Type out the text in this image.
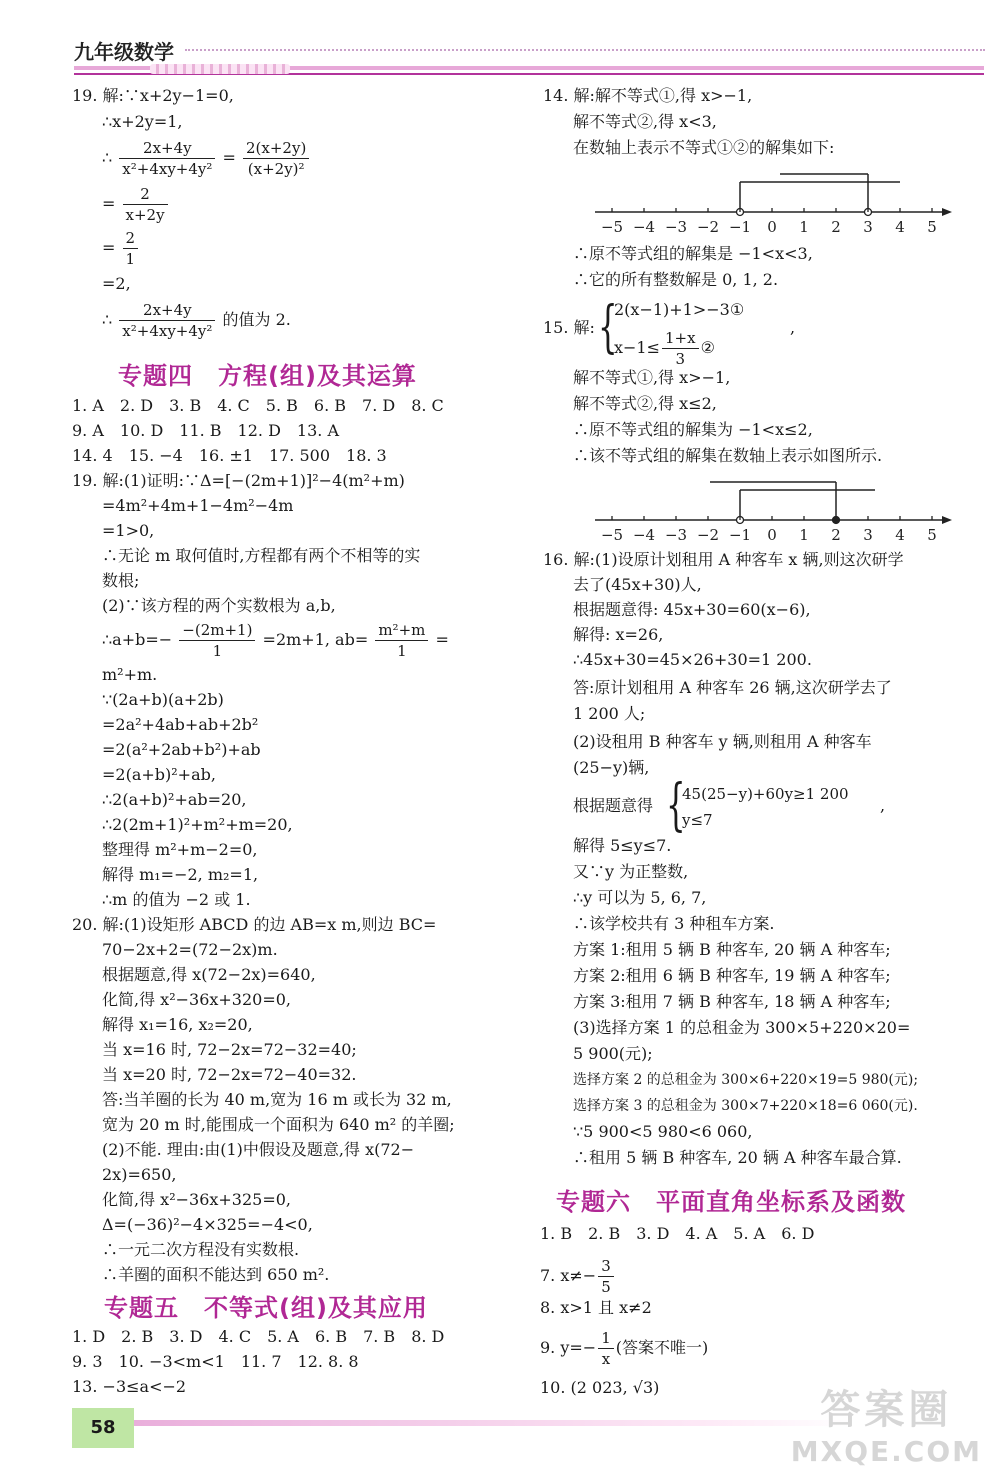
九年级数学
19. 解:∵x+2y−1=0,
∴x+2y=1,
∴ $\frac{2x+4y}{\text{x²+4xy+4y²}} = \frac{2(x+2y)}{\text{(x+2y)²}}$
= $\frac{2}{x+2y}$
= $\frac{2}{1}$
=2,
∴ $\frac{2x+4y}{\text{x²+4xy+4y²}}$ 的值为 2.
专题四　方程(组)及其运算
1. A　2. D　3. B　4. C　5. B　6. B　7. D　8. C
9. A　10. D　11. B　12. D　13. A
14. 4　15. −4　16. ±1　17. 500　18. 3
19. 解:(1)证明:∵Δ=[−(2m+1)]²−4(m²+m)
=4m²+4m+1−4m²−4m
=1>0,
∴无论 m 取何值时,方程都有两个不相等的实
数根;
(2)∵该方程的两个实数根为 a,b,
∴a+b=− $\frac{-(2m+1)}{1} =2m+1$, $ab= \frac{\text{m²+m}}{1}$ =
m²+m.
∵(2a+b)(a+2b)
=2a²+4ab+ab+2b²
=2(a²+2ab+b²)+ab
=2(a+b)²+ab,
∴2(a+b)²+ab=20,
∴2(2m+1)²+m²+m=20,
整理得 m²+m−2=0,
解得 m₁=−2, m₂=1,
∴m 的值为 −2 或 1.
20. 解:(1)设矩形 ABCD 的边 AB=x m,则边 BC=
70−2x+2=(72−2x)m.
根据题意,得 x(72−2x)=640,
化简,得 x²−36x+320=0,
解得 x₁=16, x₂=20,
当 x=16 时, 72−2x=72−32=40;
当 x=20 时, 72−2x=72−40=32.
答:当羊圈的长为 40 m,宽为 16 m 或长为 32 m,
宽为 20 m 时,能围成一个面积为 640 m² 的羊圈;
(2)不能. 理由:由(1)中假设及题意,得 x(72−
2x)=650,
化简,得 x²−36x+325=0,
Δ=(−36)²−4×325=−4<0,
∴一元二次方程没有实数根.
∴羊圈的面积不能达到 650 m².
专题五　不等式(组)及其应用
1. D　2. B　3. D　4. C　5. A　6. B　7. B　8. D
9. 3　10. −3<m<1　11. 7　12. 8. 8
13. −3≤a<−2
14. 解:解不等式①,得 x>−1,
解不等式②,得 x<3,
在数轴上表示不等式①②的解集如下:
−5 −4 −3 −2 −1 0 1 2 3 4 5
∴原不等式组的解集是 −1<x<3,
∴它的所有整数解是 0, 1, 2.
15. 解: {
2(x−1)+1>−3①
$x-1\le \frac{1+x}{3}$ ②
,
解不等式①,得 x>−1,
解不等式②,得 x≤2,
∴原不等式组的解集为 −1<x≤2,
∴该不等式组的解集在数轴上表示如图所示.
−5 −4 −3 −2 −1 0 1 2 3 4 5
16. 解:(1)设原计划租用 A 种客车 x 辆,则这次研学
去了(45x+30)人,
根据题意得: 45x+30=60(x−6),
解得: x=26,
∴45x+30=45×26+30=1 200.
答:原计划租用 A 种客车 26 辆,这次研学去了
1 200 人;
(2)设租用 B 种客车 y 辆,则租用 A 种客车
(25−y)辆,
根据题意得 {
45(25−y)+60y≥1 200
y≤7
,
解得 5≤y≤7.
又∵y 为正整数,
∴y 可以为 5, 6, 7,
∴该学校共有 3 种租车方案.
方案 1:租用 5 辆 B 种客车, 20 辆 A 种客车;
方案 2:租用 6 辆 B 种客车, 19 辆 A 种客车;
方案 3:租用 7 辆 B 种客车, 18 辆 A 种客车;
(3)选择方案 1 的总租金为 300×5+220×20=
5 900(元);
选择方案 2 的总租金为 300×6+220×19=5 980(元);
选择方案 3 的总租金为 300×7+220×18=6 060(元).
∵5 900<5 980<6 060,
∴租用 5 辆 B 种客车, 20 辆 A 种客车最合算.
专题六　平面直角坐标系及函数
1. B　2. B　3. D　4. A　5. A　6. D
7. $x\ne- \frac{3}{5}$
8. x>1 且 x≠2
9. $y=- \frac{1}{x}$ (答案不唯一)
10. (2 023, √3)
58	答案圈
MXQE.COM
